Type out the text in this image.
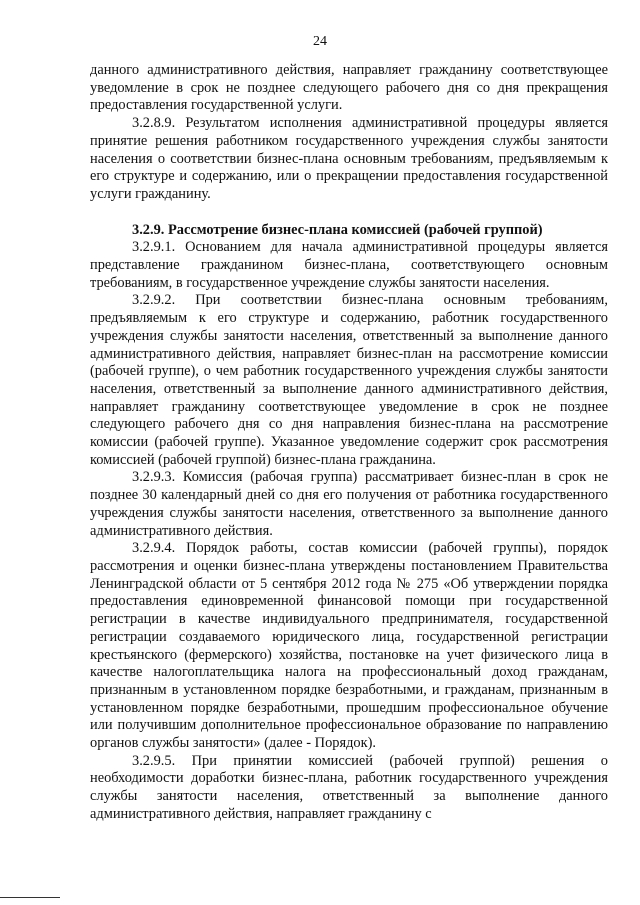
24

данного административного действия, направляет гражданину соответствующее уведомление в срок не позднее следующего рабочего дня со дня прекращения предоставления государственной услуги.

3.2.8.9. Результатом исполнения административной процедуры является принятие решения работником государственного учреждения службы занятости населения о соответствии бизнес-плана основным требованиям, предъявляемым к его структуре и содержанию, или о прекращении предоставления государственной услуги гражданину.

3.2.9. Рассмотрение бизнес-плана комиссией (рабочей группой)

3.2.9.1. Основанием для начала административной процедуры является представление гражданином бизнес-плана, соответствующего основным требованиям, в государственное учреждение службы занятости населения.

3.2.9.2. При соответствии бизнес-плана основным требованиям, предъявляемым к его структуре и содержанию, работник государственного учреждения службы занятости населения, ответственный за выполнение данного административного действия, направляет бизнес-план на рассмотрение комиссии (рабочей группе), о чем работник государственного учреждения службы занятости населения, ответственный за выполнение данного административного действия, направляет гражданину соответствующее уведомление в срок не позднее следующего рабочего дня со дня направления бизнес-плана на рассмотрение комиссии (рабочей группе). Указанное уведомление содержит срок рассмотрения комиссией (рабочей группой) бизнес-плана гражданина.

3.2.9.3. Комиссия (рабочая группа) рассматривает бизнес-план в срок не позднее 30 календарный дней со дня его получения от работника государственного учреждения службы занятости населения, ответственного за выполнение данного административного действия.

3.2.9.4. Порядок работы, состав комиссии (рабочей группы), порядок рассмотрения и оценки бизнес-плана утверждены постановлением Правительства Ленинградской области от 5 сентября 2012 года № 275 «Об утверждении порядка предоставления единовременной финансовой помощи при государственной регистрации в качестве индивидуального предпринимателя, государственной регистрации создаваемого юридического лица, государственной регистрации крестьянского (фермерского) хозяйства, постановке на учет физического лица в качестве налогоплательщика налога на профессиональный доход гражданам, признанным в установленном порядке безработными, и гражданам, признанным в установленном порядке безработными, прошедшим профессиональное обучение или получившим дополнительное профессиональное образование по направлению органов службы занятости» (далее - Порядок).

3.2.9.5. При принятии комиссией (рабочей группой) решения о необходимости доработки бизнес-плана, работник государственного учреждения службы занятости населения, ответственный за выполнение данного административного действия, направляет гражданину с
